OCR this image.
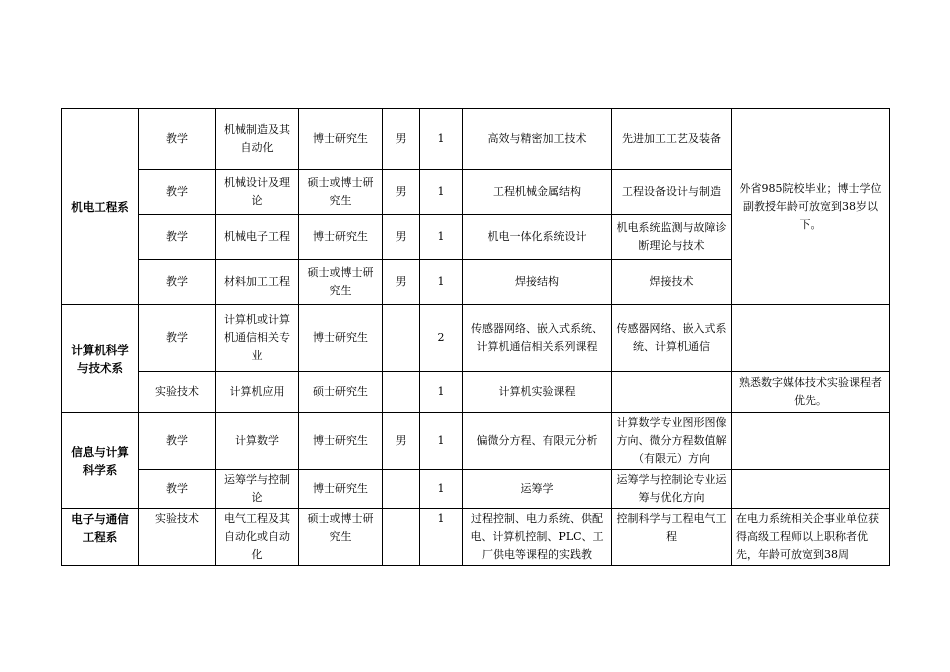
机电工程系	教学	机械制造及其自动化	博士研究生	男	1	高效与精密加工技术	先进加工工艺及装备	外省985院校毕业；博士学位副教授年龄可放宽到38岁以下。
	教学	机械设计及理论	硕士或博士研究生	男	1	工程机械金属结构	工程设备设计与制造	
	教学	机械电子工程	博士研究生	男	1	机电一体化系统设计	机电系统监测与故障诊断理论与技术	
	教学	材料加工工程	硕士或博士研究生	男	1	焊接结构	焊接技术	
计算机科学与技术系	教学	计算机或计算机通信相关专业	博士研究生		2	传感器网络、嵌入式系统、计算机通信相关系列课程	传感器网络、嵌入式系统、计算机通信	
	实验技术	计算机应用	硕士研究生		1	计算机实验课程		熟悉数字媒体技术实验课程者优先。
信息与计算科学系	教学	计算数学	博士研究生	男	1	偏微分方程、有限元分析	计算数学专业图形图像方向、微分方程数值解（有限元）方向	
	教学	运筹学与控制论	博士研究生		1	运筹学	运筹学与控制论专业运筹与优化方向	
电子与通信工程系	实验技术	电气工程及其自动化或自动化	硕士或博士研究生		1	过程控制、电力系统、供配电、计算机控制、PLC、工厂供电等课程的实践教	控制科学与工程电气工程	在电力系统相关企事业单位获得高级工程师以上职称者优先，年龄可放宽到38周
